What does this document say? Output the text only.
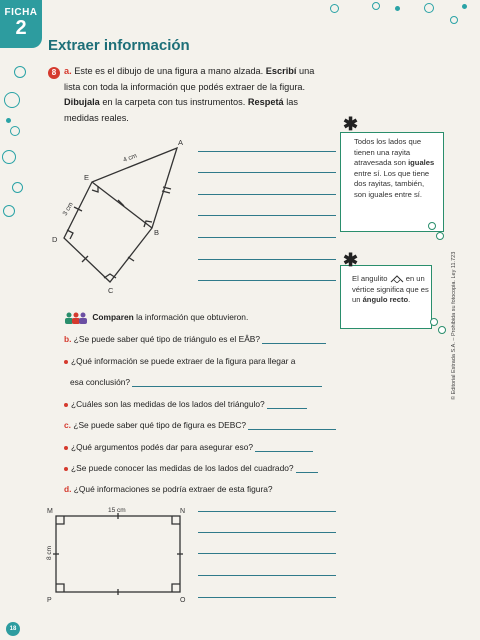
FICHA
2
Extraer información
8 a. Este es el dibujo de una figura a mano alzada. Escribí una lista con toda la información que podés extraer de la figura. Dibujala en la carpeta con tus instrumentos. Respetá las medidas reales.
A
B
C
D
E
4 cm
3 cm
Todos los lados que tienen una rayita atravesada son iguales entre sí. Los que tiene dos rayitas, también, son iguales entre sí.
✱
El angulito en un vértice significa que es un ángulo recto.
✱	© Editorial Estrada S.A. – Prohibida su fotocopia. Ley 11.723
Comparen la información que obtuvieron.
b. ¿Se puede saber qué tipo de triángulo es el EÂB?
¿Qué información se puede extraer de la figura para llegar a
esa conclusión?
¿Cuáles son las medidas de los lados del triángulo?
c. ¿Se puede saber qué tipo de figura es DEBC?
¿Qué argumentos podés dar para asegurar eso?
¿Se puede conocer las medidas de los lados del cuadrado?
d. ¿Qué informaciones se podría extraer de esta figura?
M	N
P	O
15 cm
8 cm
18
